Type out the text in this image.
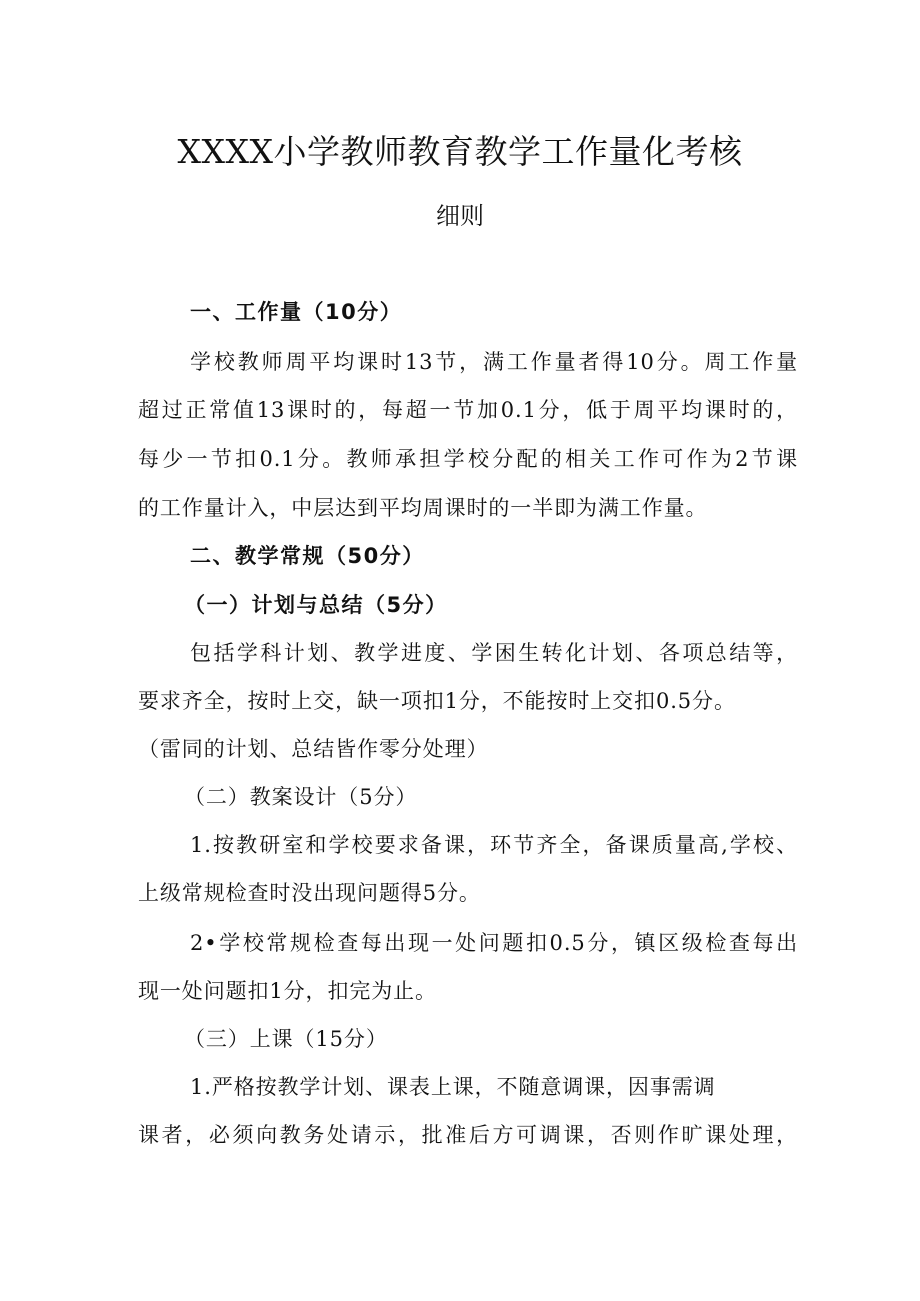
XXXX小学教师教育教学工作量化考核
细则
一、工作量（10分）
学校教师周平均课时13节，满工作量者得10分。周工作量
超过正常值13课时的，每超一节加0.1分，低于周平均课时的，
每少一节扣0.1分。教师承担学校分配的相关工作可作为2节课
的工作量计入，中层达到平均周课时的一半即为满工作量。
二、教学常规（50分）
（一）计划与总结（5分）
包括学科计划、教学进度、学困生转化计划、各项总结等，
要求齐全，按时上交，缺一项扣1分，不能按时上交扣0.5分。
（雷同的计划、总结皆作零分处理）
（二）教案设计（5分）
1.按教研室和学校要求备课，环节齐全，备课质量高,学校、
上级常规检查时没出现问题得5分。
2•学校常规检查每出现一处问题扣0.5分，镇区级检查每出
现一处问题扣1分，扣完为止。
（三）上课（15分）
1.严格按教学计划、课表上课，不随意调课，因事需调
课者，必须向教务处请示，批准后方可调课，否则作旷课处理，
